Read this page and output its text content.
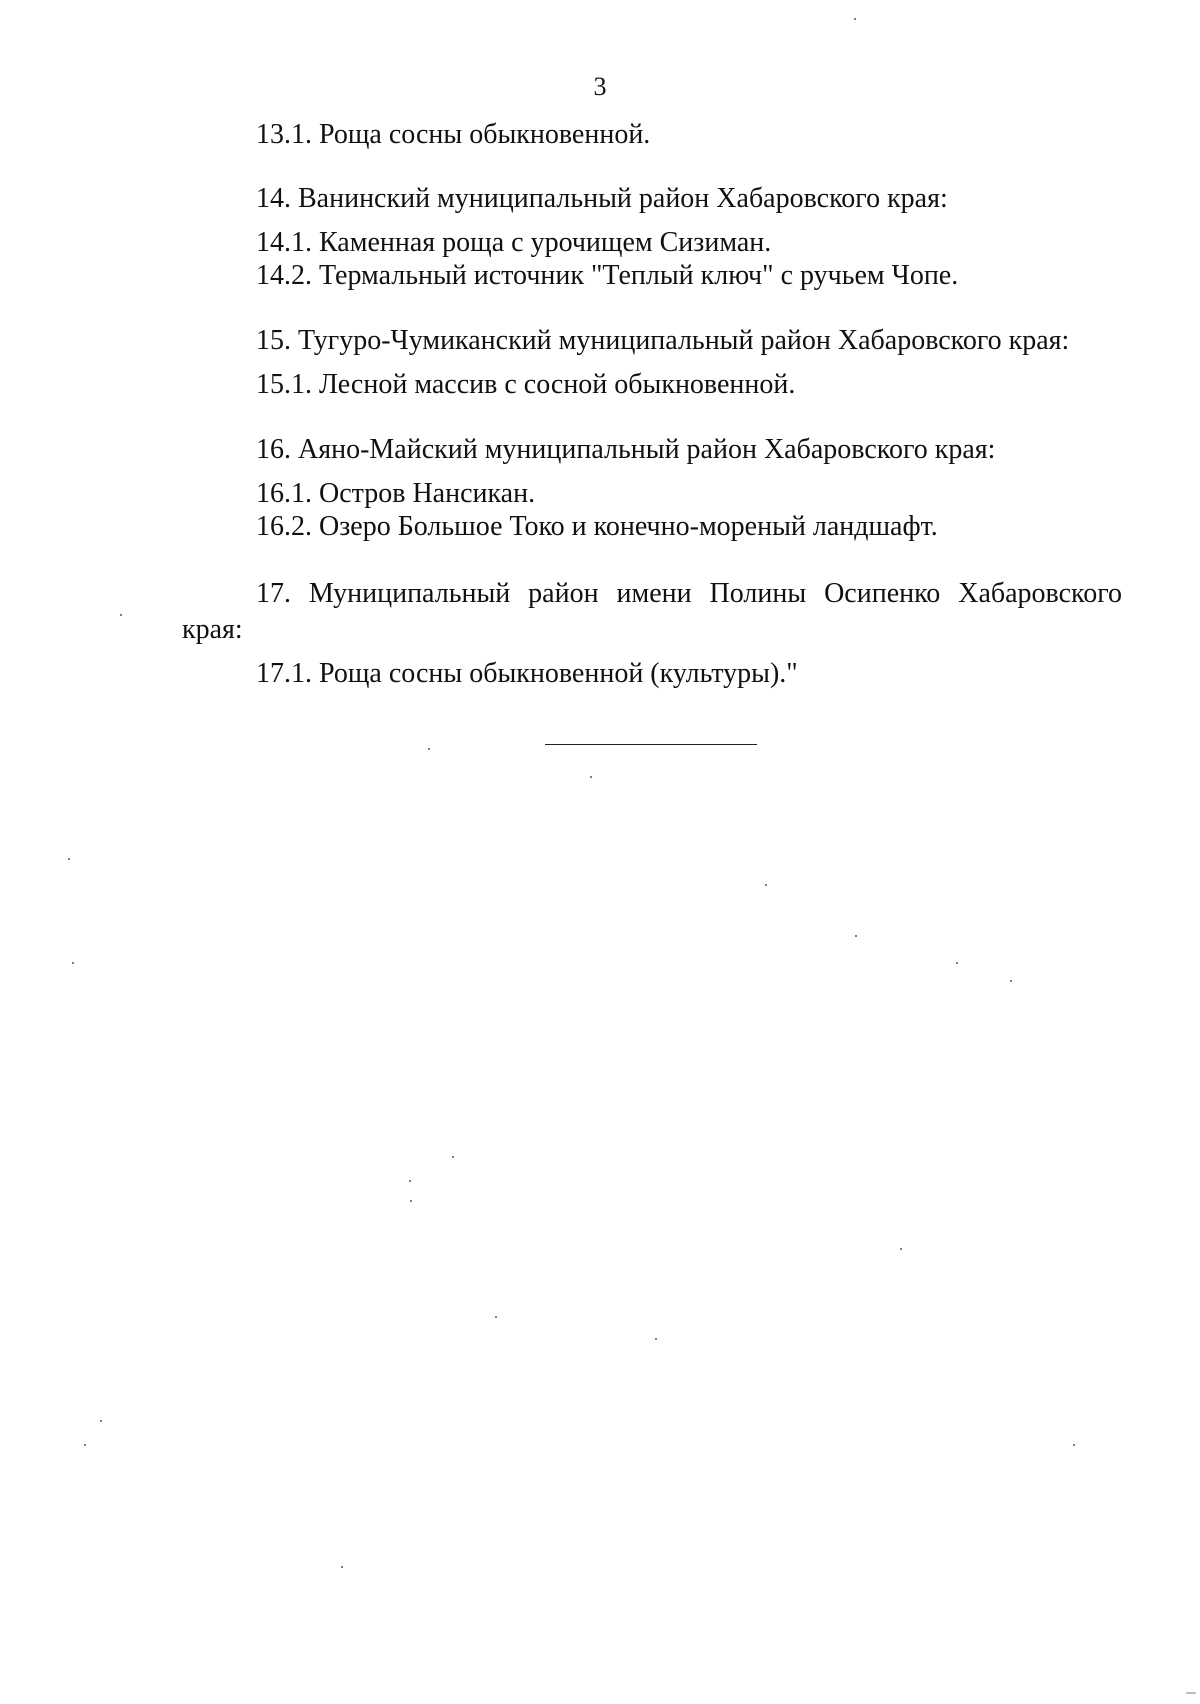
3
13.1. Роща сосны обыкновенной.
14. Ванинский муниципальный район Хабаровского края:
14.1. Каменная роща с урочищем Сизиман.
14.2. Термальный источник "Теплый ключ" с ручьем Чопе.
15. Тугуро-Чумиканский муниципальный район Хабаровского края:
15.1. Лесной массив с сосной обыкновенной.
16. Аяно-Майский муниципальный район Хабаровского края:
16.1. Остров Нансикан.
16.2. Озеро Большое Токо и конечно-мореный ландшафт.
17. Муниципальный район имени Полины Осипенко Хабаровского
края:
17.1. Роща сосны обыкновенной (культуры)."
